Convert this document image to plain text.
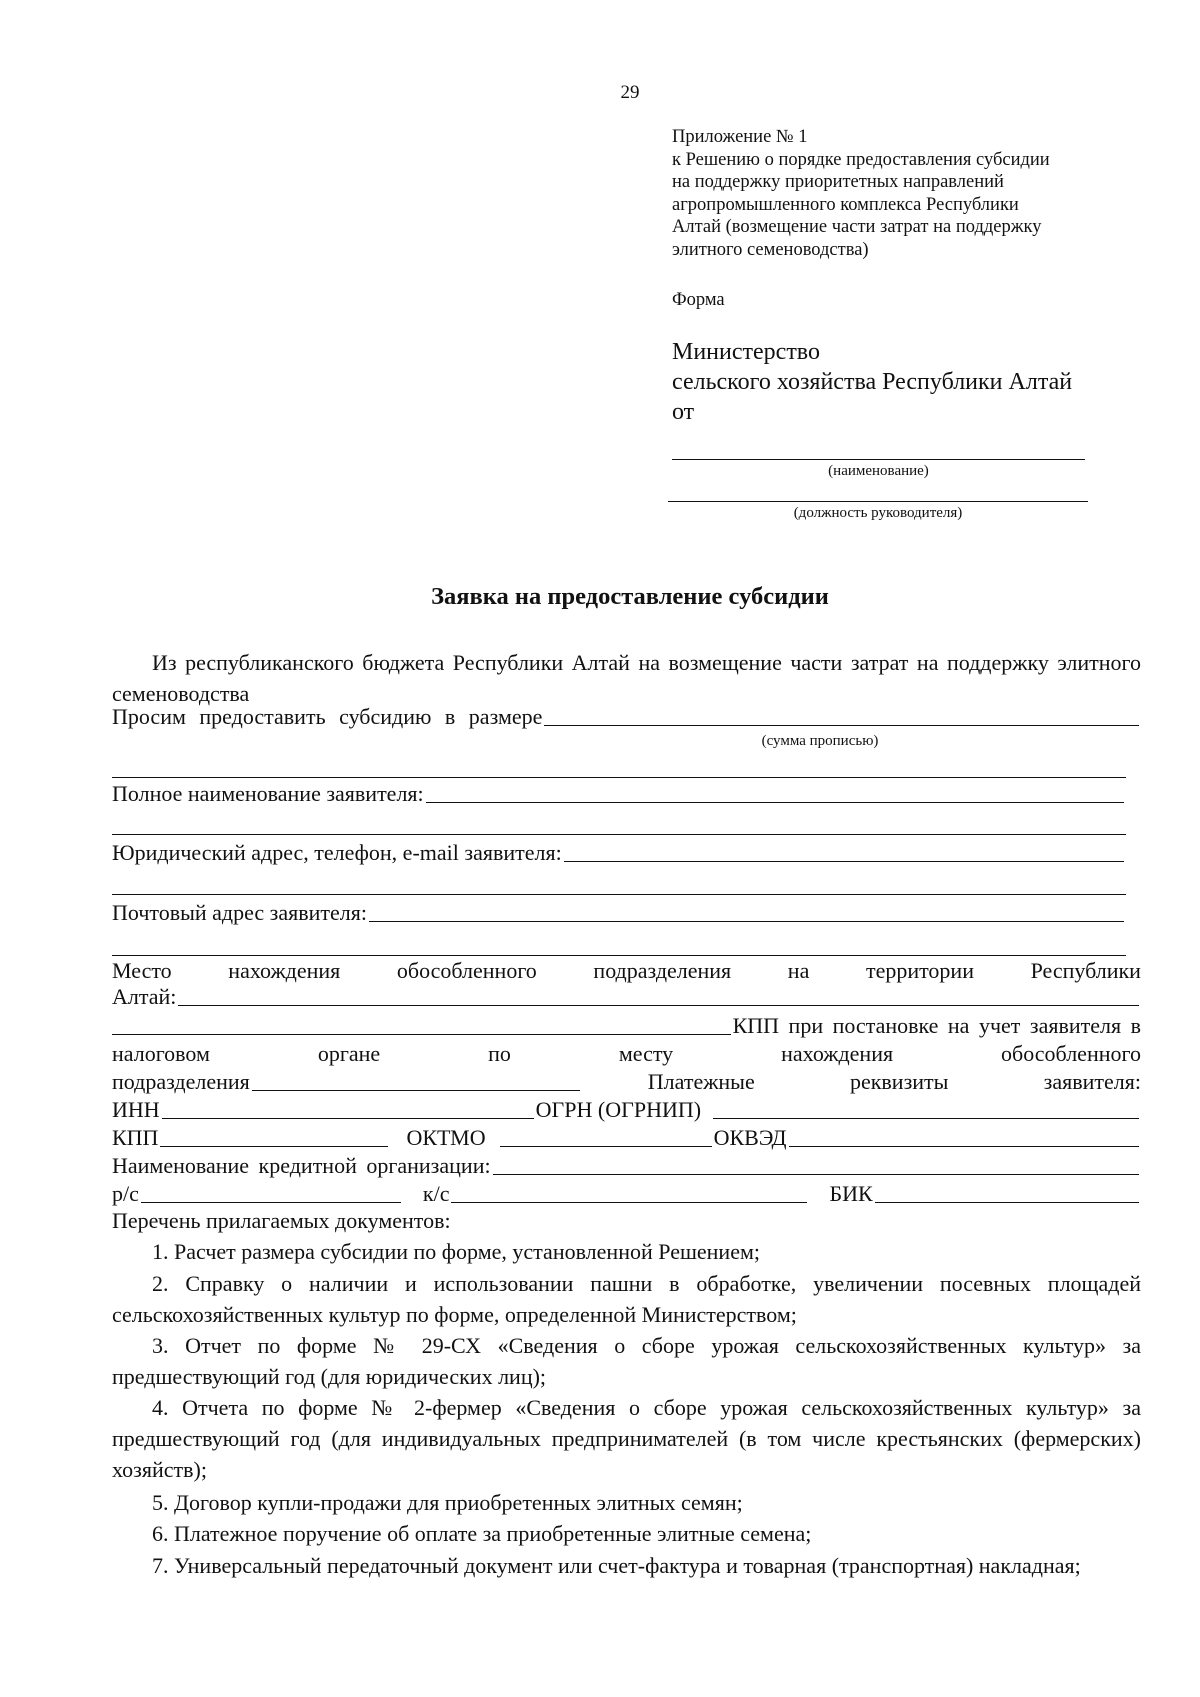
29
Приложение № 1
к Решению о порядке предоставления субсидии
на поддержку приоритетных направлений
агропромышленного комплекса Республики
Алтай (возмещение части затрат на поддержку
элитного семеноводства)
Форма
Министерство
сельского хозяйства Республики Алтай
от
(наименование)
(должность руководителя)
Заявка на предоставление субсидии
Из республиканского бюджета Республики Алтай на возмещение части затрат на поддержку элитного семеноводства
Просим предоставить субсидию в размере
(сумма прописью)
Полное наименование заявителя:
Юридический адрес, телефон, e-mail заявителя:
Почтовый адрес заявителя:
Место	нахождения	обособленного	подразделения	на	территории	Республики
Алтай:
КПП при постановке на учет заявителя в
налоговом	органе	по	месту	нахождения	обособленного
подразделения	Платежные	реквизиты	заявителя:
ИНН	ОГРН (ОГРНИП)
КПП	ОКТМО	ОКВЭД
Наименование кредитной организации:
р/с	к/с	БИК
Перечень прилагаемых документов:
1. Расчет размера субсидии по форме, установленной Решением;
2. Справку о наличии и использовании пашни в обработке, увеличении посевных площадей сельскохозяйственных культур по форме, определенной Министерством;
3. Отчет по форме № 29-СХ «Сведения о сборе урожая сельскохозяйственных культур» за предшествующий год (для юридических лиц);
4. Отчета по форме № 2-фермер «Сведения о сборе урожая сельскохозяйственных культур» за предшествующий год (для индивидуальных предпринимателей (в том числе крестьянских (фермерских) хозяйств);
5. Договор купли-продажи для приобретенных элитных семян;
6. Платежное поручение об оплате за приобретенные элитные семена;
7. Универсальный передаточный документ или счет-фактура и товарная (транспортная) накладная;
